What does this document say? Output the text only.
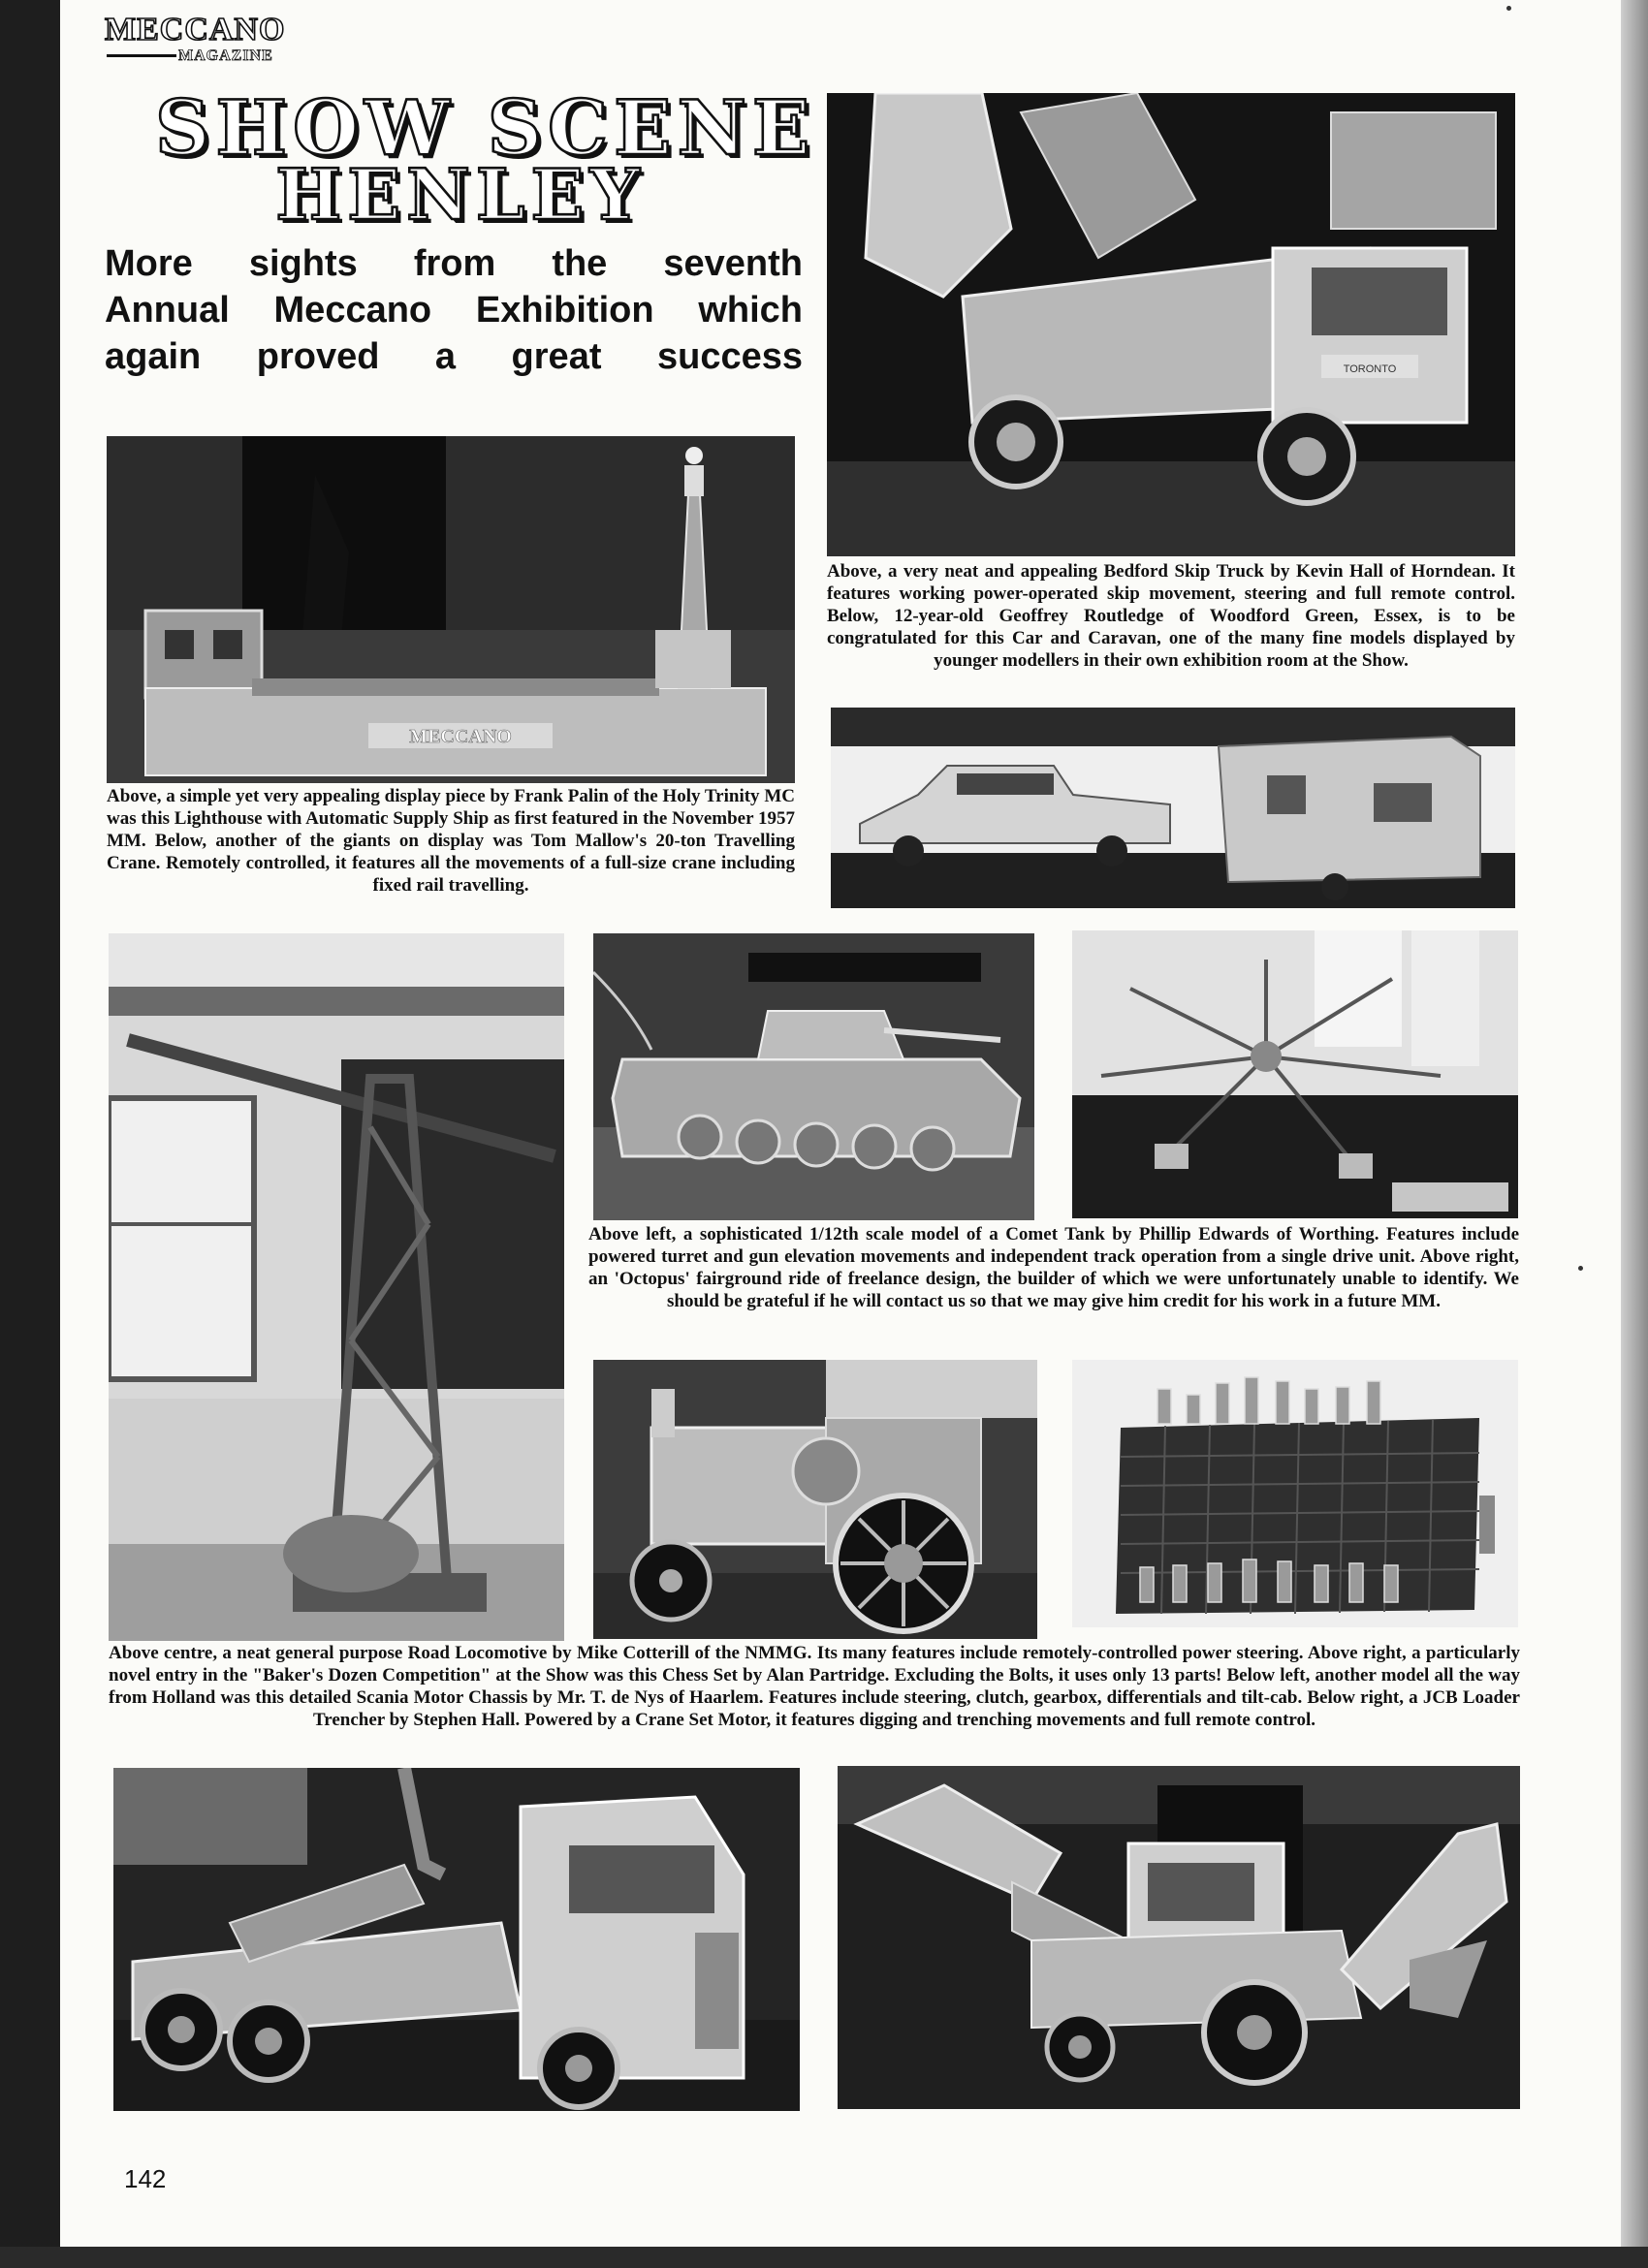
MECCANO
MAGAZINE
SHOW SCENE
HENLEY
More sights from the seventh
Annual Meccano Exhibition which
again proved a great success
MECCANO
Above, a simple yet very appealing display piece by Frank Palin of the Holy Trinity MC was this Lighthouse with Automatic Supply Ship as first featured in the November 1957 MM. Below, another of the giants on display was Tom Mallow's 20-ton Travelling Crane. Remotely controlled, it features all the movements of a full-size crane including fixed rail travelling.
TORONTO
Above, a very neat and appealing Bedford Skip Truck by Kevin Hall of Horndean. It features working power-operated skip movement, steering and full remote control. Below, 12-year-old Geoffrey Routledge of Woodford Green, Essex, is to be congratulated for this Car and Caravan, one of the many fine models displayed by younger modellers in their own exhibition room at the Show.
Above left, a sophisticated 1/12th scale model of a Comet Tank by Phillip Edwards of Worthing. Features include powered turret and gun elevation movements and independent track operation from a single drive unit. Above right, an 'Octopus' fairground ride of freelance design, the builder of which we were unfortunately unable to identify. We should be grateful if he will contact us so that we may give him credit for his work in a future MM.
Above centre, a neat general purpose Road Locomotive by Mike Cotterill of the NMMG. Its many features include remotely-controlled power steering. Above right, a particularly novel entry in the "Baker's Dozen Competition" at the Show was this Chess Set by Alan Partridge. Excluding the Bolts, it uses only 13 parts! Below left, another model all the way from Holland was this detailed Scania Motor Chassis by Mr. T. de Nys of Haarlem. Features include steering, clutch, gearbox, differentials and tilt-cab. Below right, a JCB Loader Trencher by Stephen Hall. Powered by a Crane Set Motor, it features digging and trenching movements and full remote control.
142
